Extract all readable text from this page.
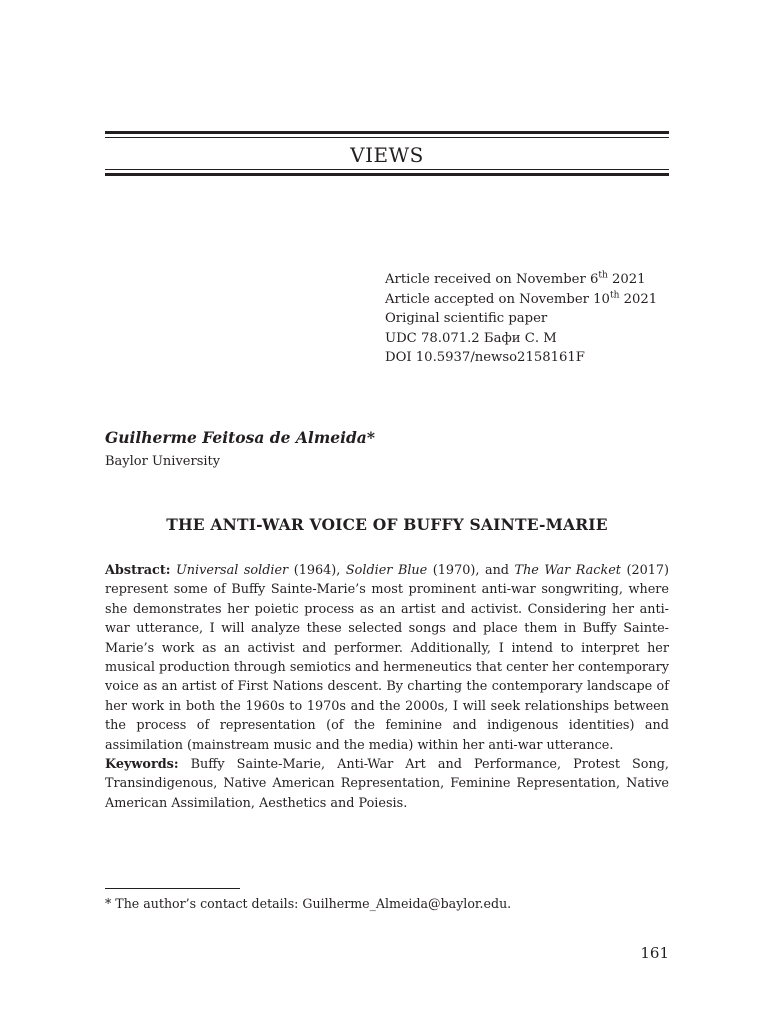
VIEWS
Article received on November 6th 2021
Article accepted on November 10th 2021
Original scientific paper
UDC 78.071.2 Бафи С. М
DOI 10.5937/newso2158161F
Guilherme Feitosa de Almeida*
Baylor University
THE ANTI-WAR VOICE OF BUFFY SAINTE-MARIE

Abstract: Universal soldier (1964), Soldier Blue (1970), and The War Racket (2017) represent some of Buffy Sainte-Marie’s most prominent anti-war songwriting, where she demonstrates her poietic process as an artist and activist. Considering her anti-war utterance, I will analyze these selected songs and place them in Buffy Sainte-Marie’s work as an activist and performer. Additionally, I intend to interpret her musical production through semiotics and hermeneutics that center her contemporary voice as an artist of First Nations descent. By charting the contemporary landscape of her work in both the 1960s to 1970s and the 2000s, I will seek relationships between the process of representation (of the feminine and indigenous identities) and assimilation (mainstream music and the media) within her anti-war utterance.

Keywords: Buffy Sainte-Marie, Anti-War Art and Performance, Protest Song, Transindigenous, Native American Representation, Feminine Representation, Native American Assimilation, Aesthetics and Poiesis.

* The author’s contact details: Guilherme_Almeida@baylor.edu.
161
